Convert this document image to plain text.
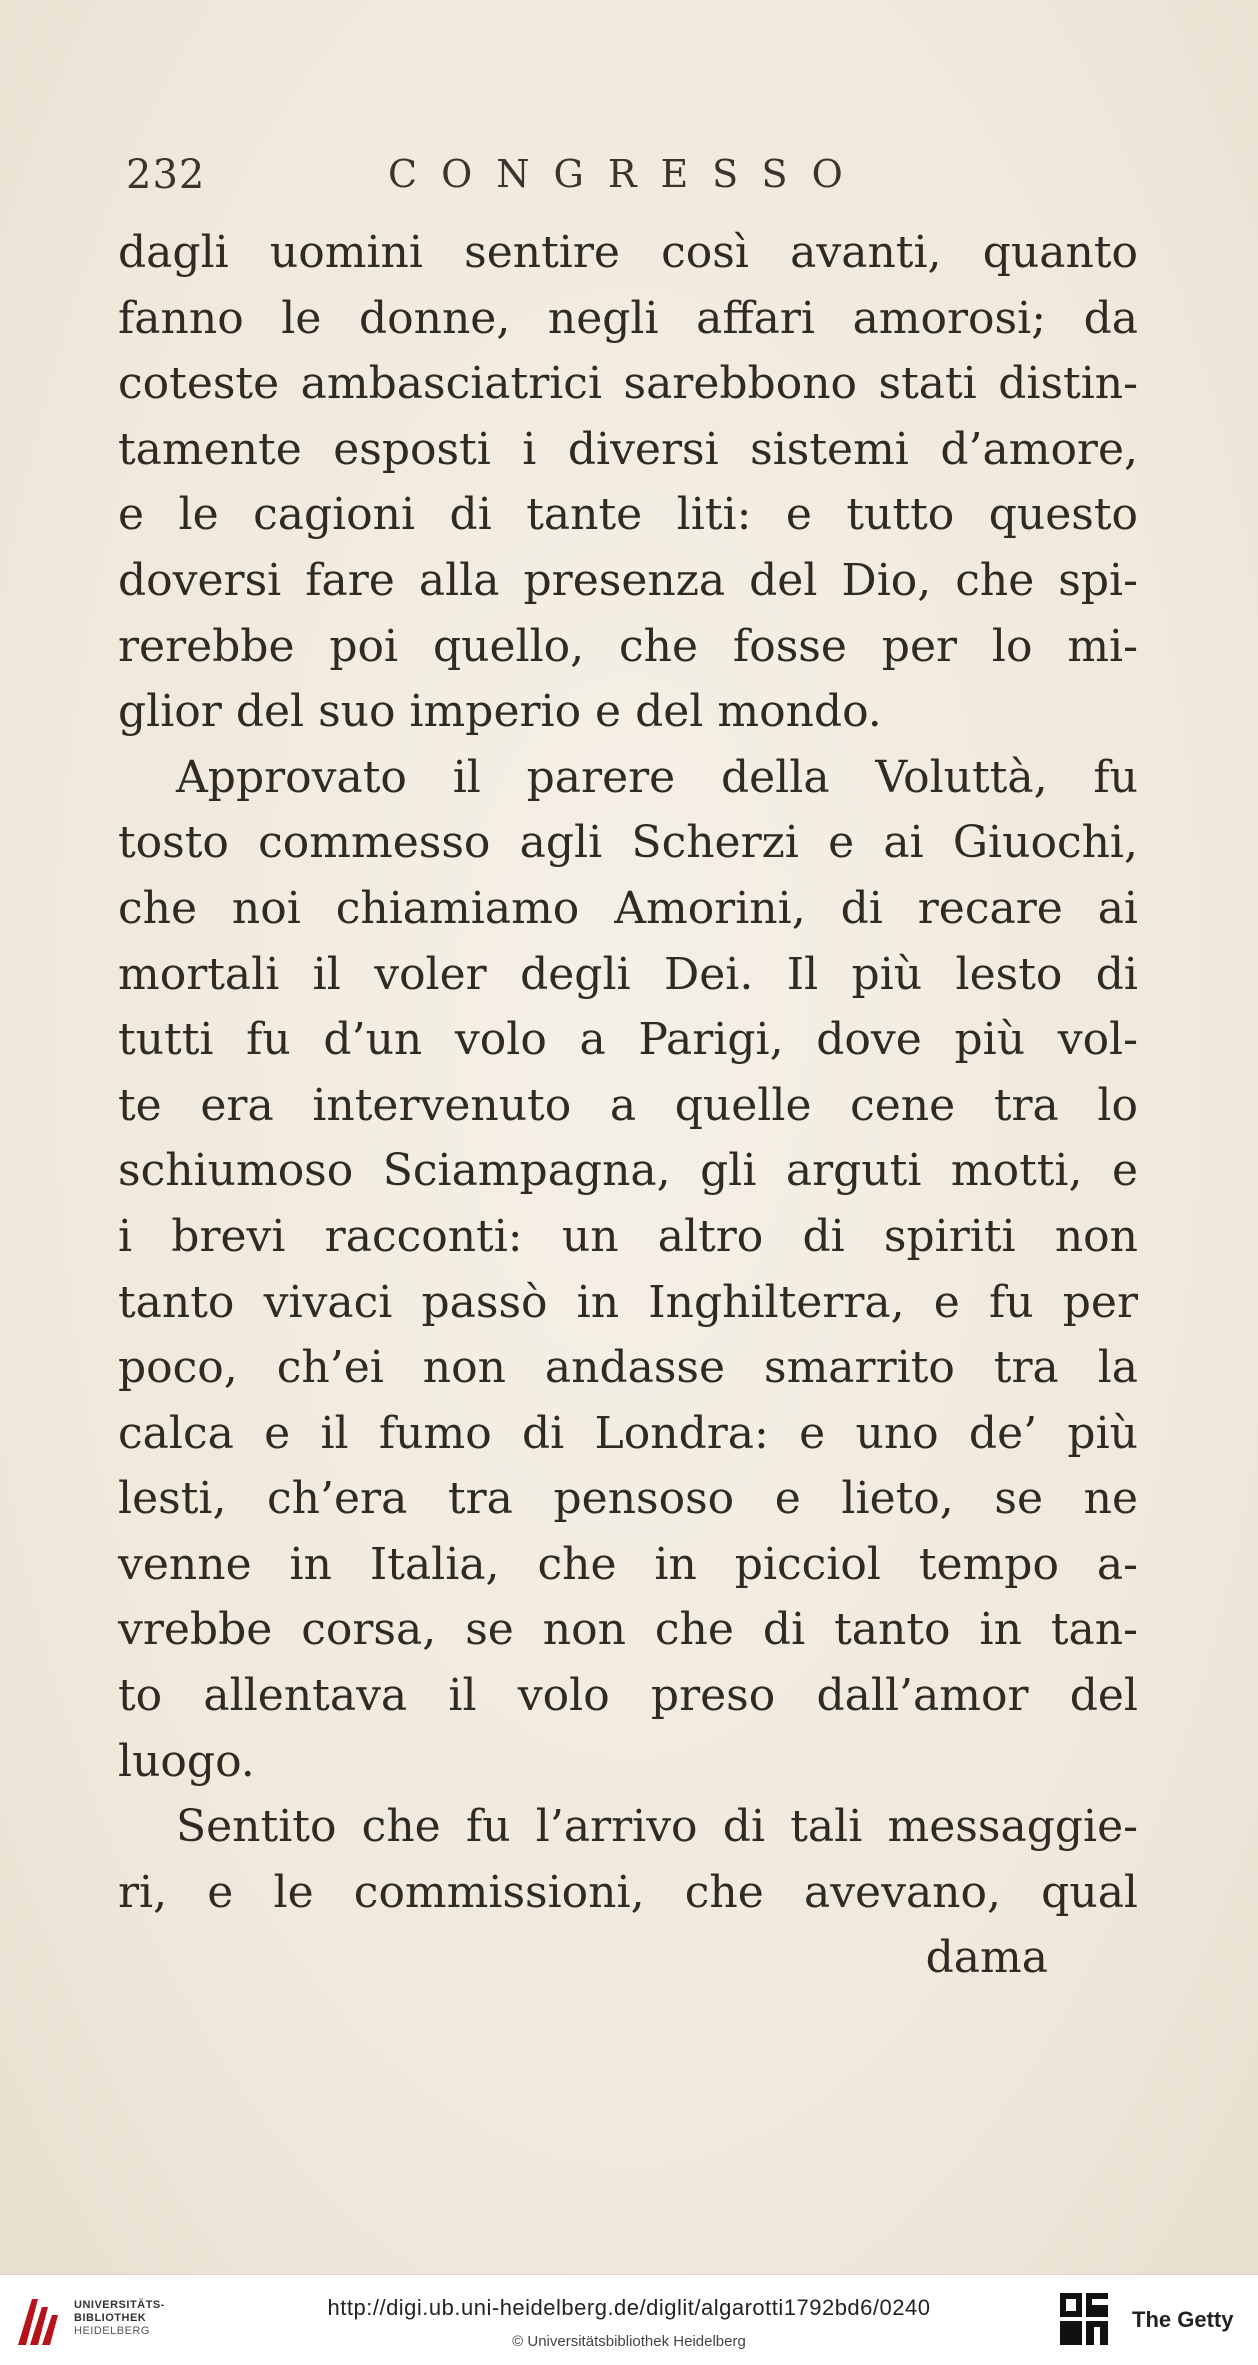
232	CONGRESSO
dagli uomini sentire così avanti, quanto
fanno le donne, negli affari amorosi; da
coteste ambasciatrici sarebbono stati distin-
tamente esposti i diversi sistemi d’amore,
e le cagioni di tante liti: e tutto questo
doversi fare alla presenza del Dio, che spi-
rerebbe poi quello, che fosse per lo mi-
glior del suo imperio e del mondo.
Approvato il parere della Voluttà, fu
tosto commesso agli Scherzi e ai Giuochi,
che noi chiamiamo Amorini, di recare ai
mortali il voler degli Dei. Il più lesto di
tutti fu d’un volo a Parigi, dove più vol-
te era intervenuto a quelle cene tra lo
schiumoso Sciampagna, gli arguti motti, e
i brevi racconti: un altro di spiriti non
tanto vivaci passò in Inghilterra, e fu per
poco, ch’ei non andasse smarrito tra la
calca e il fumo di Londra: e uno de’ più
lesti, ch’era tra pensoso e lieto, se ne
venne in Italia, che in picciol tempo a-
vrebbe corsa, se non che di tanto in tan-
to allentava il volo preso dall’amor del
luogo.
Sentito che fu l’arrivo di tali messaggie-
ri, e le commissioni, che avevano, qual
dama
UNIVERSITÄTS-
BIBLIOTHEK
HEIDELBERG
http://digi.ub.uni-heidelberg.de/diglit/algarotti1792bd6/0240
© Universitätsbibliothek Heidelberg
The Getty
